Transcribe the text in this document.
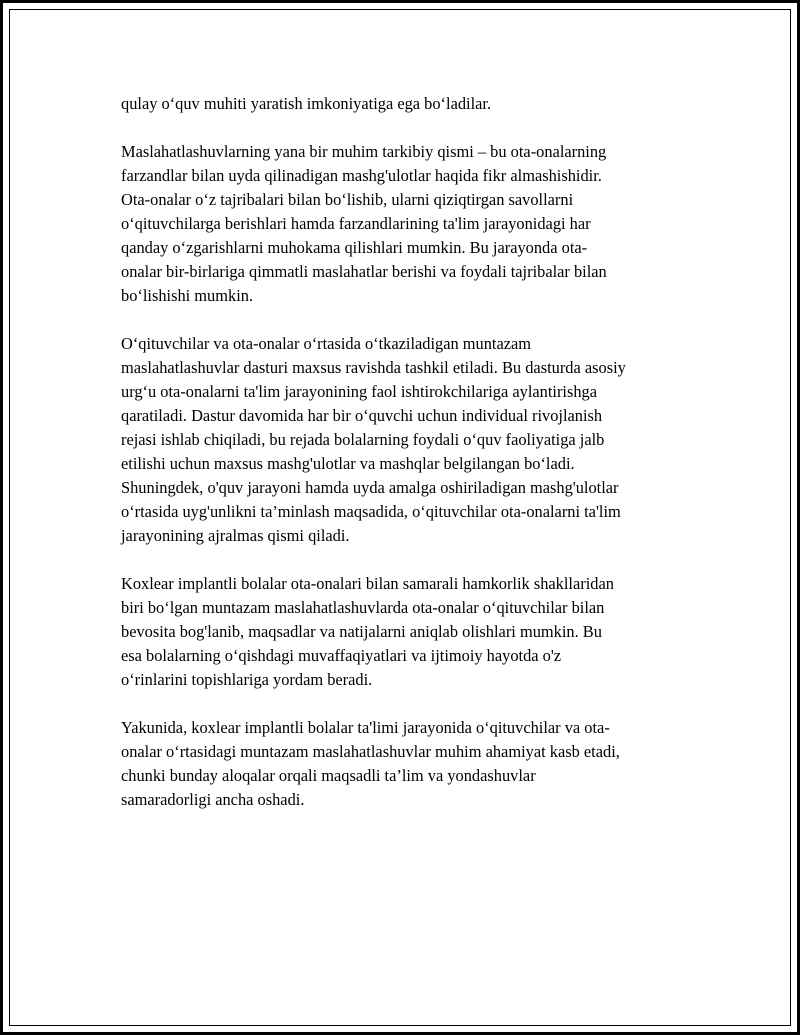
qulay o‘quv muhiti yaratish imkoniyatiga ega bo‘ladilar.

Maslahatlashuvlarning yana bir muhim tarkibiy qismi – bu ota-onalarning
farzandlar bilan uyda qilinadigan mashg'ulotlar haqida fikr almashishidir.
Ota-onalar o‘z tajribalari bilan bo‘lishib, ularni qiziqtirgan savollarni
o‘qituvchilarga berishlari hamda farzandlarining ta'lim jarayonidagi har
qanday o‘zgarishlarni muhokama qilishlari mumkin. Bu jarayonda ota-
onalar bir-birlariga qimmatli maslahatlar berishi va foydali tajribalar bilan
bo‘lishishi mumkin.

O‘qituvchilar va ota-onalar o‘rtasida o‘tkaziladigan muntazam
maslahatlashuvlar dasturi maxsus ravishda tashkil etiladi. Bu dasturda asosiy
urg‘u ota-onalarni ta'lim jarayonining faol ishtirokchilariga aylantirishga
qaratiladi. Dastur davomida har bir o‘quvchi uchun individual rivojlanish
rejasi ishlab chiqiladi, bu rejada bolalarning foydali o‘quv faoliyatiga jalb
etilishi uchun maxsus mashg'ulotlar va mashqlar belgilangan bo‘ladi.
Shuningdek, o'quv jarayoni hamda uyda amalga oshiriladigan mashg'ulotlar
o‘rtasida uyg'unlikni ta’minlash maqsadida, o‘qituvchilar ota-onalarni ta'lim
jarayonining ajralmas qismi qiladi.

Koxlear implantli bolalar ota-onalari bilan samarali hamkorlik shakllaridan
biri bo‘lgan muntazam maslahatlashuvlarda ota-onalar o‘qituvchilar bilan
bevosita bog'lanib, maqsadlar va natijalarni aniqlab olishlari mumkin. Bu
esa bolalarning o‘qishdagi muvaffaqiyatlari va ijtimoiy hayotda o'z
o‘rinlarini topishlariga yordam beradi.

Yakunida, koxlear implantli bolalar ta'limi jarayonida o‘qituvchilar va ota-
onalar o‘rtasidagi muntazam maslahatlashuvlar muhim ahamiyat kasb etadi,
chunki bunday aloqalar orqali maqsadli ta’lim va yondashuvlar
samaradorligi ancha oshadi.
